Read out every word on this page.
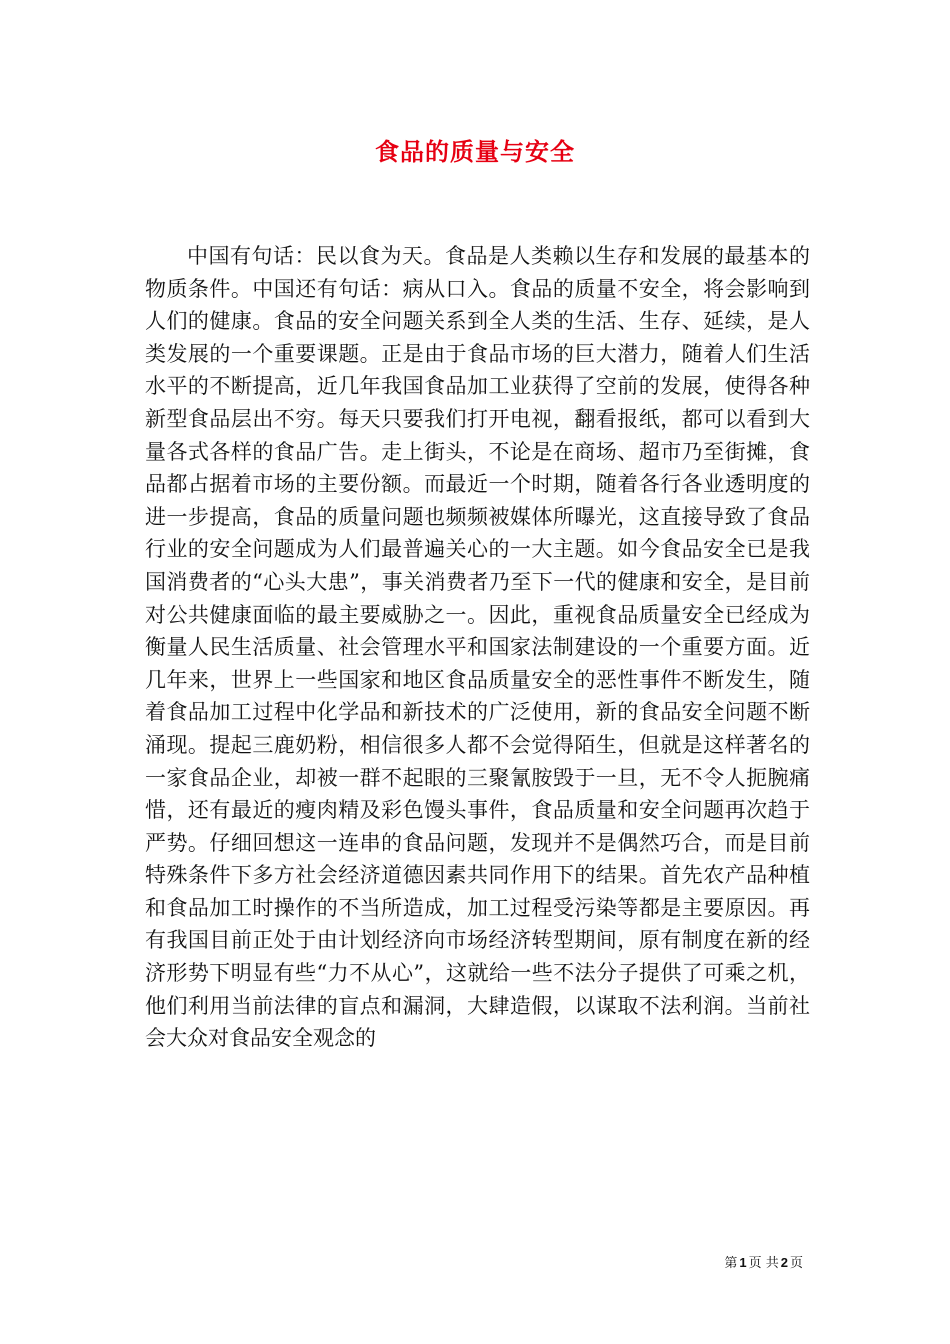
食品的质量与安全

中国有句话：民以食为天。食品是人类赖以生存和发展的最基本的物质条件。中国还有句话：病从口入。食品的质量不安全，将会影响到人们的健康。食品的安全问题关系到全人类的生活、生存、延续，是人类发展的一个重要课题。正是由于食品市场的巨大潜力，随着人们生活水平的不断提高，近几年我国食品加工业获得了空前的发展，使得各种新型食品层出不穷。每天只要我们打开电视，翻看报纸，都可以看到大量各式各样的食品广告。走上街头，不论是在商场、超市乃至街摊，食品都占据着市场的主要份额。而最近一个时期，随着各行各业透明度的进一步提高，食品的质量问题也频频被媒体所曝光，这直接导致了食品行业的安全问题成为人们最普遍关心的一大主题。如今食品安全已是我国消费者的“心头大患”，事关消费者乃至下一代的健康和安全，是目前对公共健康面临的最主要威胁之一。因此，重视食品质量安全已经成为衡量人民生活质量、社会管理水平和国家法制建设的一个重要方面。近几年来，世界上一些国家和地区食品质量安全的恶性事件不断发生，随着食品加工过程中化学品和新技术的广泛使用，新的食品安全问题不断涌现。提起三鹿奶粉，相信很多人都不会觉得陌生，但就是这样著名的一家食品企业，却被一群不起眼的三聚氰胺毁于一旦，无不令人扼腕痛惜，还有最近的瘦肉精及彩色馒头事件，食品质量和安全问题再次趋于严势。仔细回想这一连串的食品问题，发现并不是偶然巧合，而是目前特殊条件下多方社会经济道德因素共同作用下的结果。首先农产品种植和食品加工时操作的不当所造成，加工过程受污染等都是主要原因。再有我国目前正处于由计划经济向市场经济转型期间，原有制度在新的经济形势下明显有些“力不从心”，这就给一些不法分子提供了可乘之机，他们利用当前法律的盲点和漏洞，大肆造假，以谋取不法利润。当前社会大众对食品安全观念的

第 1 页 共 2 页
